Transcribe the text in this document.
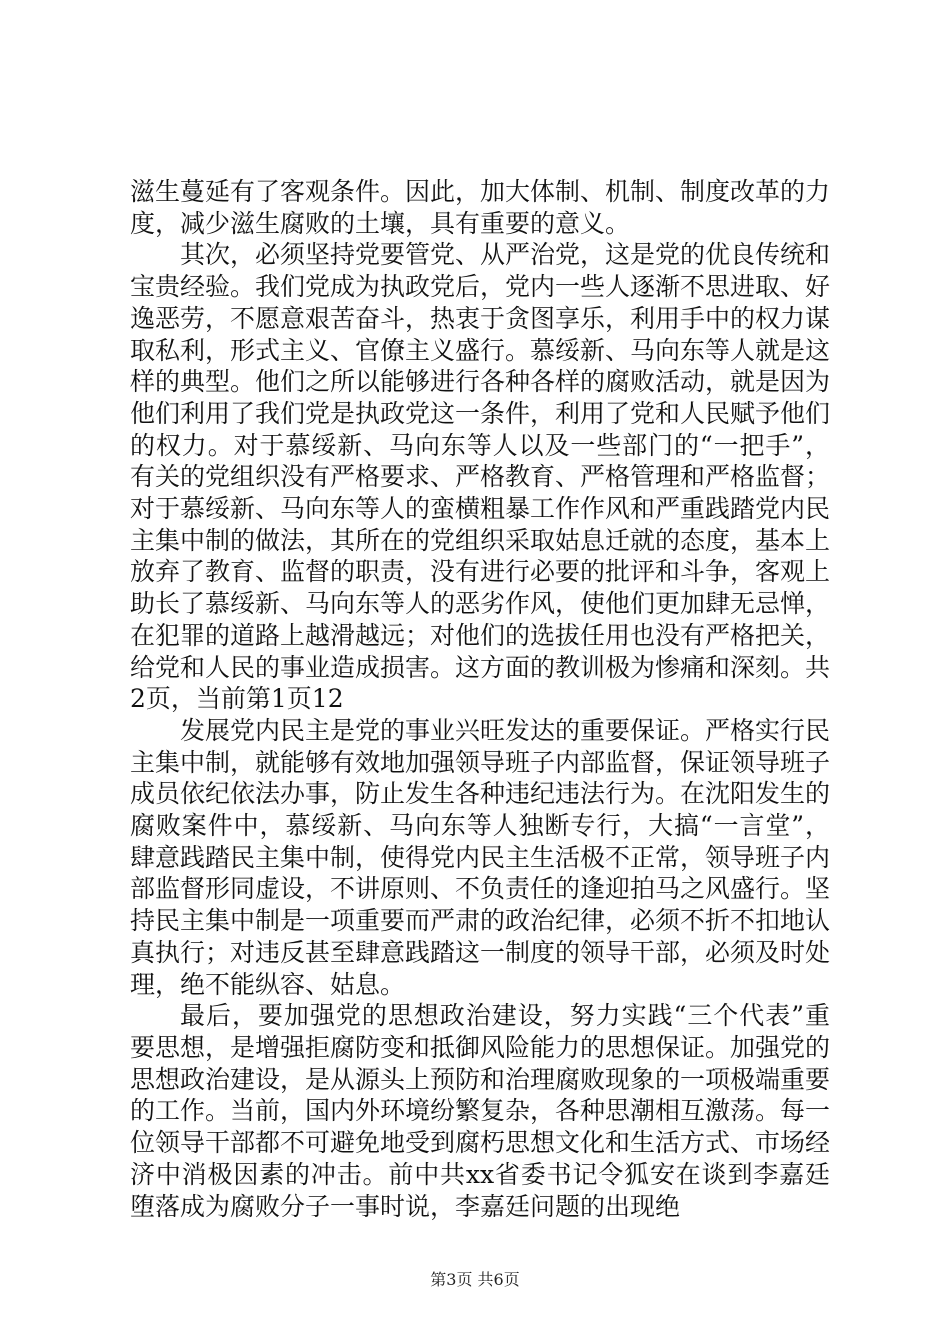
滋生蔓延有了客观条件。因此，加大体制、机制、制度改革的力度，减少滋生腐败的土壤，具有重要的意义。

其次，必须坚持党要管党、从严治党，这是党的优良传统和宝贵经验。我们党成为执政党后，党内一些人逐渐不思进取、好逸恶劳，不愿意艰苦奋斗，热衷于贪图享乐，利用手中的权力谋取私利，形式主义、官僚主义盛行。慕绥新、马向东等人就是这样的典型。他们之所以能够进行各种各样的腐败活动，就是因为他们利用了我们党是执政党这一条件，利用了党和人民赋予他们的权力。对于慕绥新、马向东等人以及一些部门的“一把手”，有关的党组织没有严格要求、严格教育、严格管理和严格监督；对于慕绥新、马向东等人的蛮横粗暴工作作风和严重践踏党内民主集中制的做法，其所在的党组织采取姑息迁就的态度，基本上放弃了教育、监督的职责，没有进行必要的批评和斗争，客观上助长了慕绥新、马向东等人的恶劣作风，使他们更加肆无忌惮，在犯罪的道路上越滑越远；对他们的选拔任用也没有严格把关，给党和人民的事业造成损害。这方面的教训极为惨痛和深刻。共2页，当前第1页12

发展党内民主是党的事业兴旺发达的重要保证。严格实行民主集中制，就能够有效地加强领导班子内部监督，保证领导班子成员依纪依法办事，防止发生各种违纪违法行为。在沈阳发生的腐败案件中，慕绥新、马向东等人独断专行，大搞“一言堂”，肆意践踏民主集中制，使得党内民主生活极不正常，领导班子内部监督形同虚设，不讲原则、不负责任的逢迎拍马之风盛行。坚持民主集中制是一项重要而严肃的政治纪律，必须不折不扣地认真执行；对违反甚至肆意践踏这一制度的领导干部，必须及时处理，绝不能纵容、姑息。

最后，要加强党的思想政治建设，努力实践“三个代表”重要思想，是增强拒腐防变和抵御风险能力的思想保证。加强党的思想政治建设，是从源头上预防和治理腐败现象的一项极端重要的工作。当前，国内外环境纷繁复杂，各种思潮相互激荡。每一位领导干部都不可避免地受到腐朽思想文化和生活方式、市场经济中消极因素的冲击。前中共xx省委书记令狐安在谈到李嘉廷堕落成为腐败分子一事时说，李嘉廷问题的出现绝

第3页 共6页
